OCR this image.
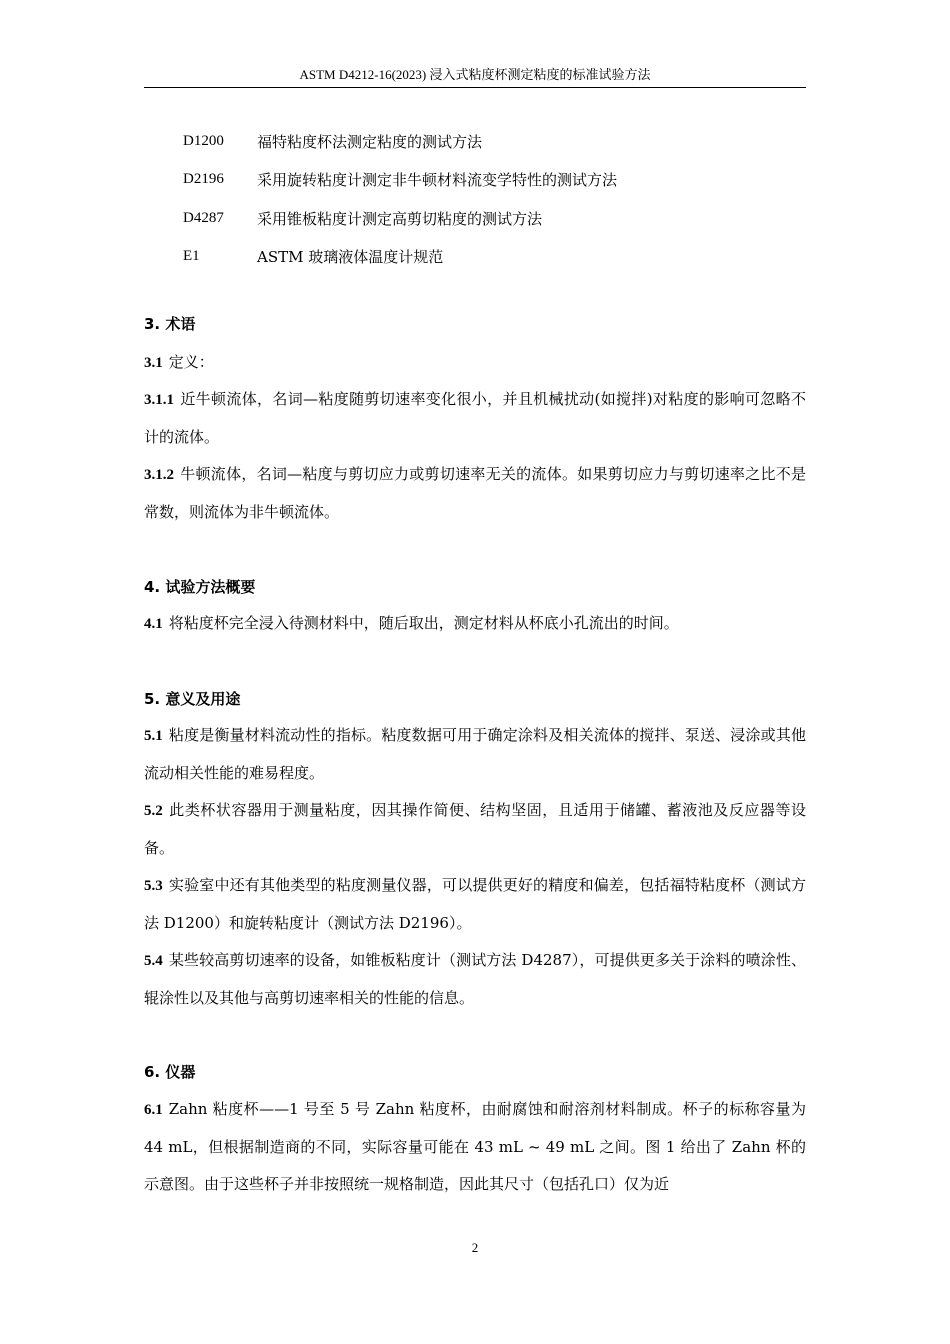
ASTM D4212-16(2023) 浸入式粘度杯测定粘度的标准试验方法
D1200	福特粘度杯法测定粘度的测试方法
D2196	采用旋转粘度计测定非牛顿材料流变学特性的测试方法
D4287	采用锥板粘度计测定高剪切粘度的测试方法
E1	ASTM 玻璃液体温度计规范
3. 术语
3.1 定义：
3.1.1 近牛顿流体，名词—粘度随剪切速率变化很小，并且机械扰动(如搅拌)对粘度的影响可忽略不计的流体。
3.1.2 牛顿流体，名词—粘度与剪切应力或剪切速率无关的流体。如果剪切应力与剪切速率之比不是常数，则流体为非牛顿流体。
4. 试验方法概要
4.1 将粘度杯完全浸入待测材料中，随后取出，测定材料从杯底小孔流出的时间。
5. 意义及用途
5.1 粘度是衡量材料流动性的指标。粘度数据可用于确定涂料及相关流体的搅拌、泵送、浸涂或其他流动相关性能的难易程度。
5.2 此类杯状容器用于测量粘度，因其操作简便、结构坚固，且适用于储罐、蓄液池及反应器等设备。
5.3 实验室中还有其他类型的粘度测量仪器，可以提供更好的精度和偏差，包括福特粘度杯（测试方法 D1200）和旋转粘度计（测试方法 D2196）。
5.4 某些较高剪切速率的设备，如锥板粘度计（测试方法 D4287），可提供更多关于涂料的喷涂性、辊涂性以及其他与高剪切速率相关的性能的信息。
6. 仪器
6.1 Zahn 粘度杯——1 号至 5 号 Zahn 粘度杯，由耐腐蚀和耐溶剂材料制成。杯子的标称容量为 44 mL，但根据制造商的不同，实际容量可能在 43 mL ~ 49 mL 之间。图 1 给出了 Zahn 杯的示意图。由于这些杯子并非按照统一规格制造，因此其尺寸（包括孔口）仅为近
2
